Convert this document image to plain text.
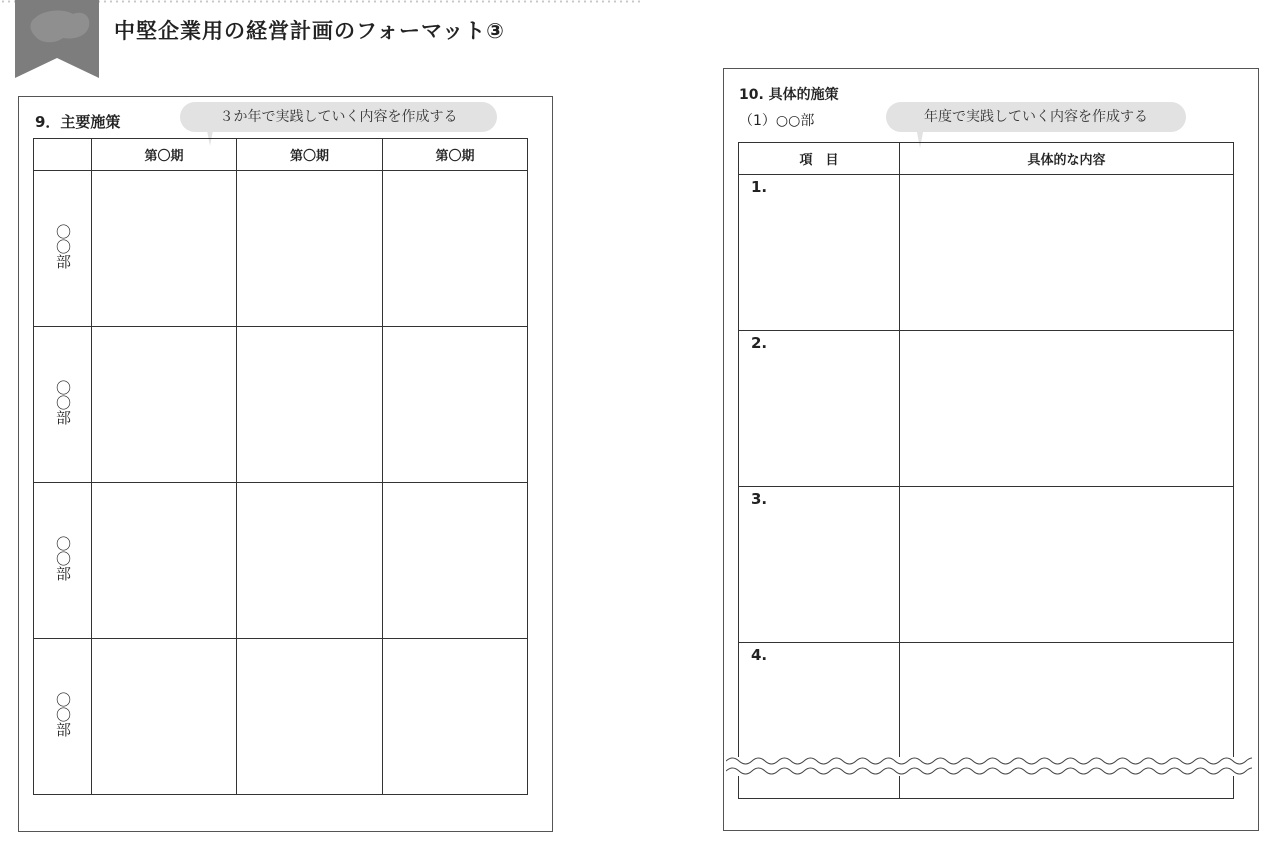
中堅企業用の経営計画のフォーマット③
9．主要施策	３か年で実践していく内容を作成する
	第〇期	第〇期	第〇期
〇〇部			
〇〇部			
〇〇部			
〇〇部			
10. 具体的施策
（1）○○部	年度で実践していく内容を作成する
項　目	具体的な内容
1.	
2.	
3.	
4.	
